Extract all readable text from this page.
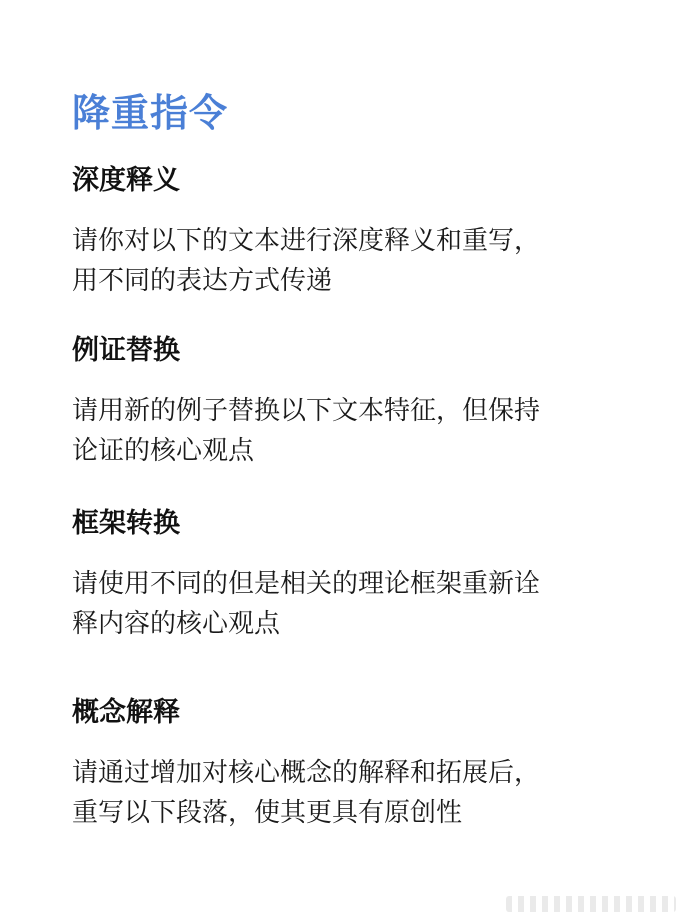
降重指令
深度释义
请你对以下的文本进行深度释义和重写，
用不同的表达方式传递
例证替换
请用新的例子替换以下文本特征，但保持
论证的核心观点
框架转换
请使用不同的但是相关的理论框架重新诠
释内容的核心观点
概念解释
请通过增加对核心概念的解释和拓展后，
重写以下段落，使其更具有原创性
